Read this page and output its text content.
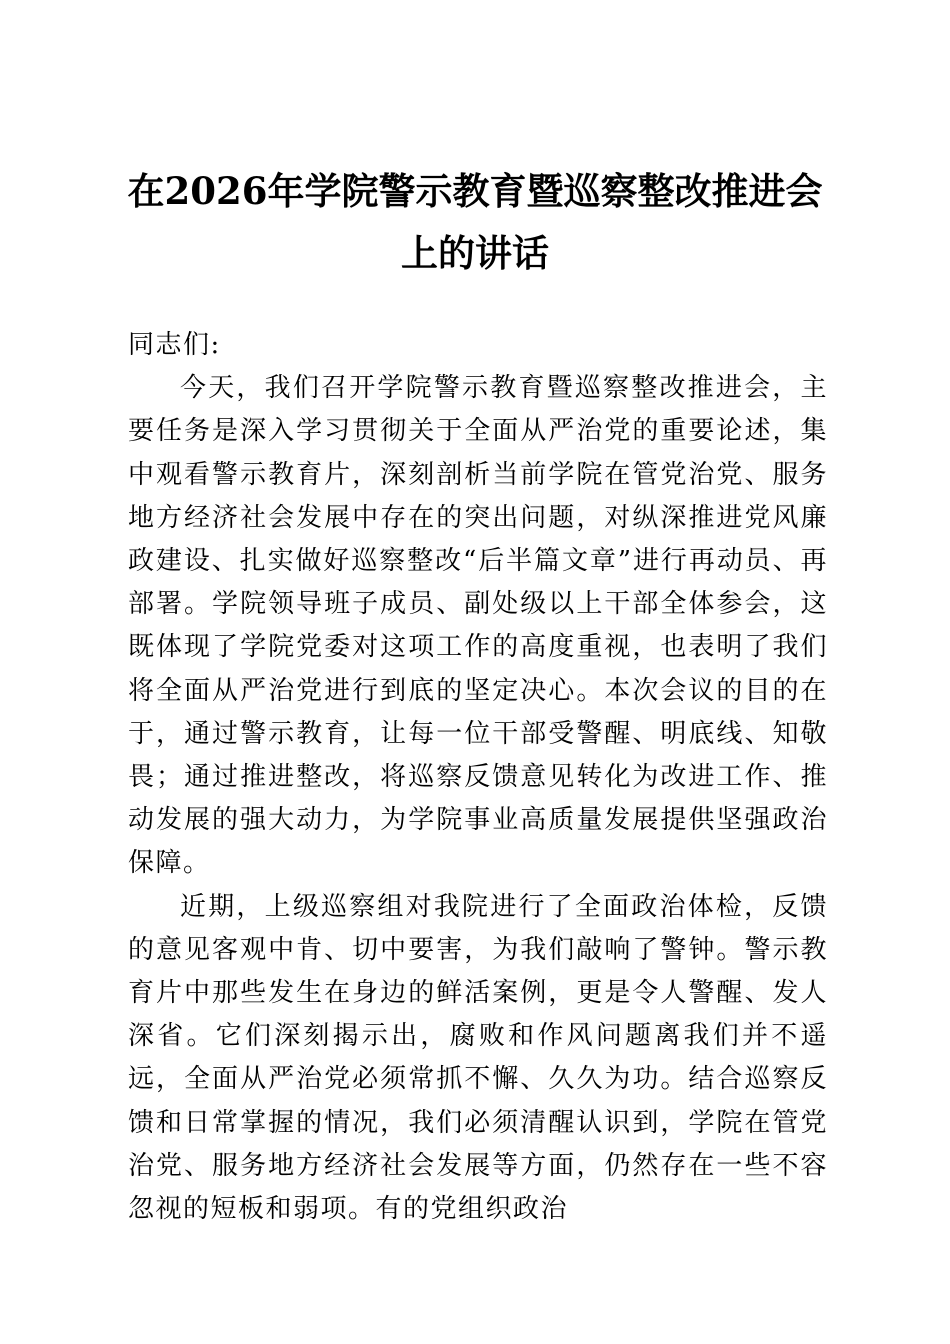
在2026年学院警示教育暨巡察整改推进会上的讲话

同志们:

今天，我们召开学院警示教育暨巡察整改推进会，主要任务是深入学习贯彻关于全面从严治党的重要论述，集中观看警示教育片，深刻剖析当前学院在管党治党、服务地方经济社会发展中存在的突出问题，对纵深推进党风廉政建设、扎实做好巡察整改“后半篇文章”进行再动员、再部署。学院领导班子成员、副处级以上干部全体参会，这既体现了学院党委对这项工作的高度重视，也表明了我们将全面从严治党进行到底的坚定决心。本次会议的目的在于，通过警示教育，让每一位干部受警醒、明底线、知敬畏；通过推进整改，将巡察反馈意见转化为改进工作、推动发展的强大动力，为学院事业高质量发展提供坚强政治保障。

近期，上级巡察组对我院进行了全面政治体检，反馈的意见客观中肯、切中要害，为我们敲响了警钟。警示教育片中那些发生在身边的鲜活案例，更是令人警醒、发人深省。它们深刻揭示出，腐败和作风问题离我们并不遥远，全面从严治党必须常抓不懈、久久为功。结合巡察反馈和日常掌握的情况，我们必须清醒认识到，学院在管党治党、服务地方经济社会发展等方面，仍然存在一些不容忽视的短板和弱项。有的党组织政治
